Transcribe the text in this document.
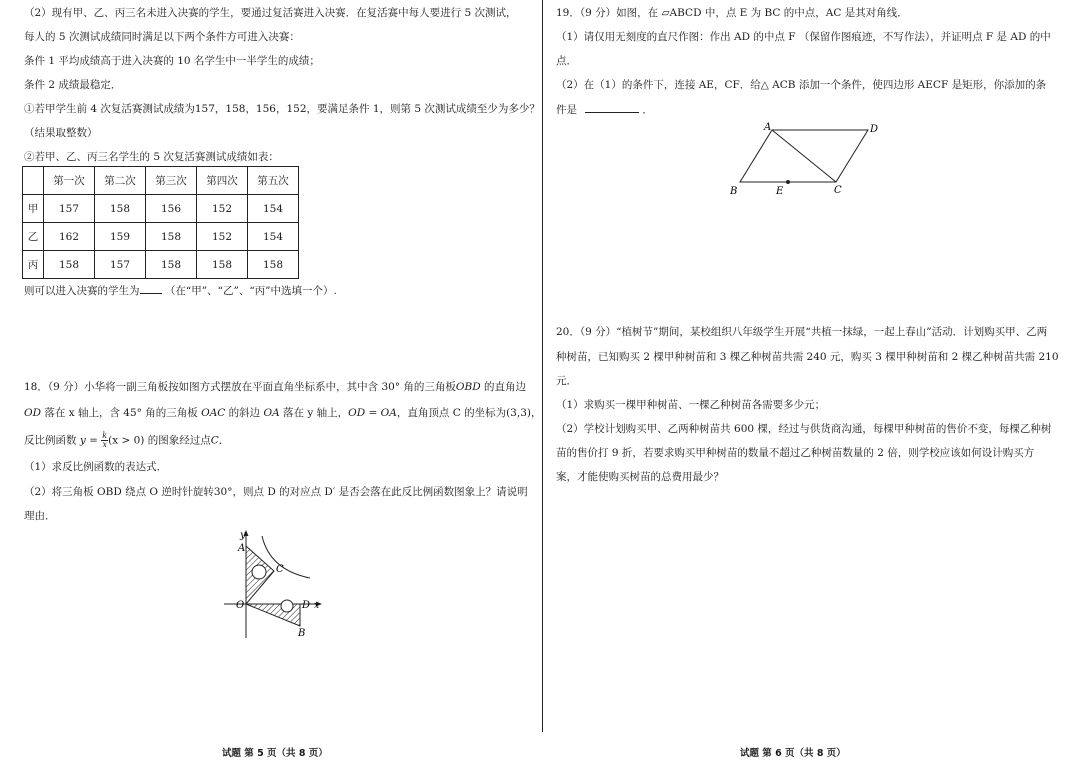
（2）现有甲、乙、丙三名未进入决赛的学生，要通过复活赛进入决赛．在复活赛中每人要进行 5 次测试，
每人的 5 次测试成绩同时满足以下两个条件方可进入决赛：
条件 1 平均成绩高于进入决赛的 10 名学生中一半学生的成绩；
条件 2 成绩最稳定．
①若甲学生前 4 次复活赛测试成绩为157，158，156，152，要满足条件 1，则第 5 次测试成绩至少为多少？
（结果取整数）
②若甲、乙、丙三名学生的 5 次复活赛测试成绩如表：
	第一次	第二次	第三次	第四次	第五次
甲	157	158	156	152	154
乙	162	159	158	152	154
丙	158	157	158	158	158
则可以进入决赛的学生为 （在“甲”、“乙”、“丙”中选填一个）.
18．（9 分）小华将一副三角板按如图方式摆放在平面直角坐标系中，其中含 30° 角的三角板OBD 的直角边
OD 落在 x 轴上，含 45° 角的三角板 OAC 的斜边 OA 落在 y 轴上，OD = OA，直角顶点 C 的坐标为(3,3)，
反比例函数 $y = \frac{k}{x} (x > 0)$ 的图象经过点C．
（1）求反比例函数的表达式．
（2）将三角板 OBD 绕点 O 逆时针旋转30°，则点 D 的对应点 D′ 是否会落在此反比例函数图象上？请说明
理由．
y
A
C
O	D x
B
试题 第 5 页（共 8 页）
19．（9 分）如图，在 ▱ABCD 中，点 E 为 BC 的中点，AC 是其对角线．
（1）请仅用无刻度的直尺作图：作出 AD 的中点 F （保留作图痕迹，不写作法），并证明点 F 是 AD 的中
点．
（2）在（1）的条件下，连接 AE，CF．给△ ACB 添加一个条件，使四边形 AECF 是矩形，你添加的条
件是	．
A	D
B	E	C
20．（9 分）“植树节”期间，某校组织八年级学生开展“共植一抹绿，一起上春山”活动．计划购买甲、乙两
种树苗，已知购买 2 棵甲种树苗和 3 棵乙种树苗共需 240 元，购买 3 棵甲种树苗和 2 棵乙种树苗共需 210
元．
（1）求购买一棵甲种树苗、一棵乙种树苗各需要多少元；
（2）学校计划购买甲、乙两种树苗共 600 棵，经过与供货商沟通，每棵甲种树苗的售价不变，每棵乙种树
苗的售价打 9 折，若要求购买甲种树苗的数量不超过乙种树苗数量的 2 倍，则学校应该如何设计购买方
案，才能使购买树苗的总费用最少？
试题 第 6 页（共 8 页）
